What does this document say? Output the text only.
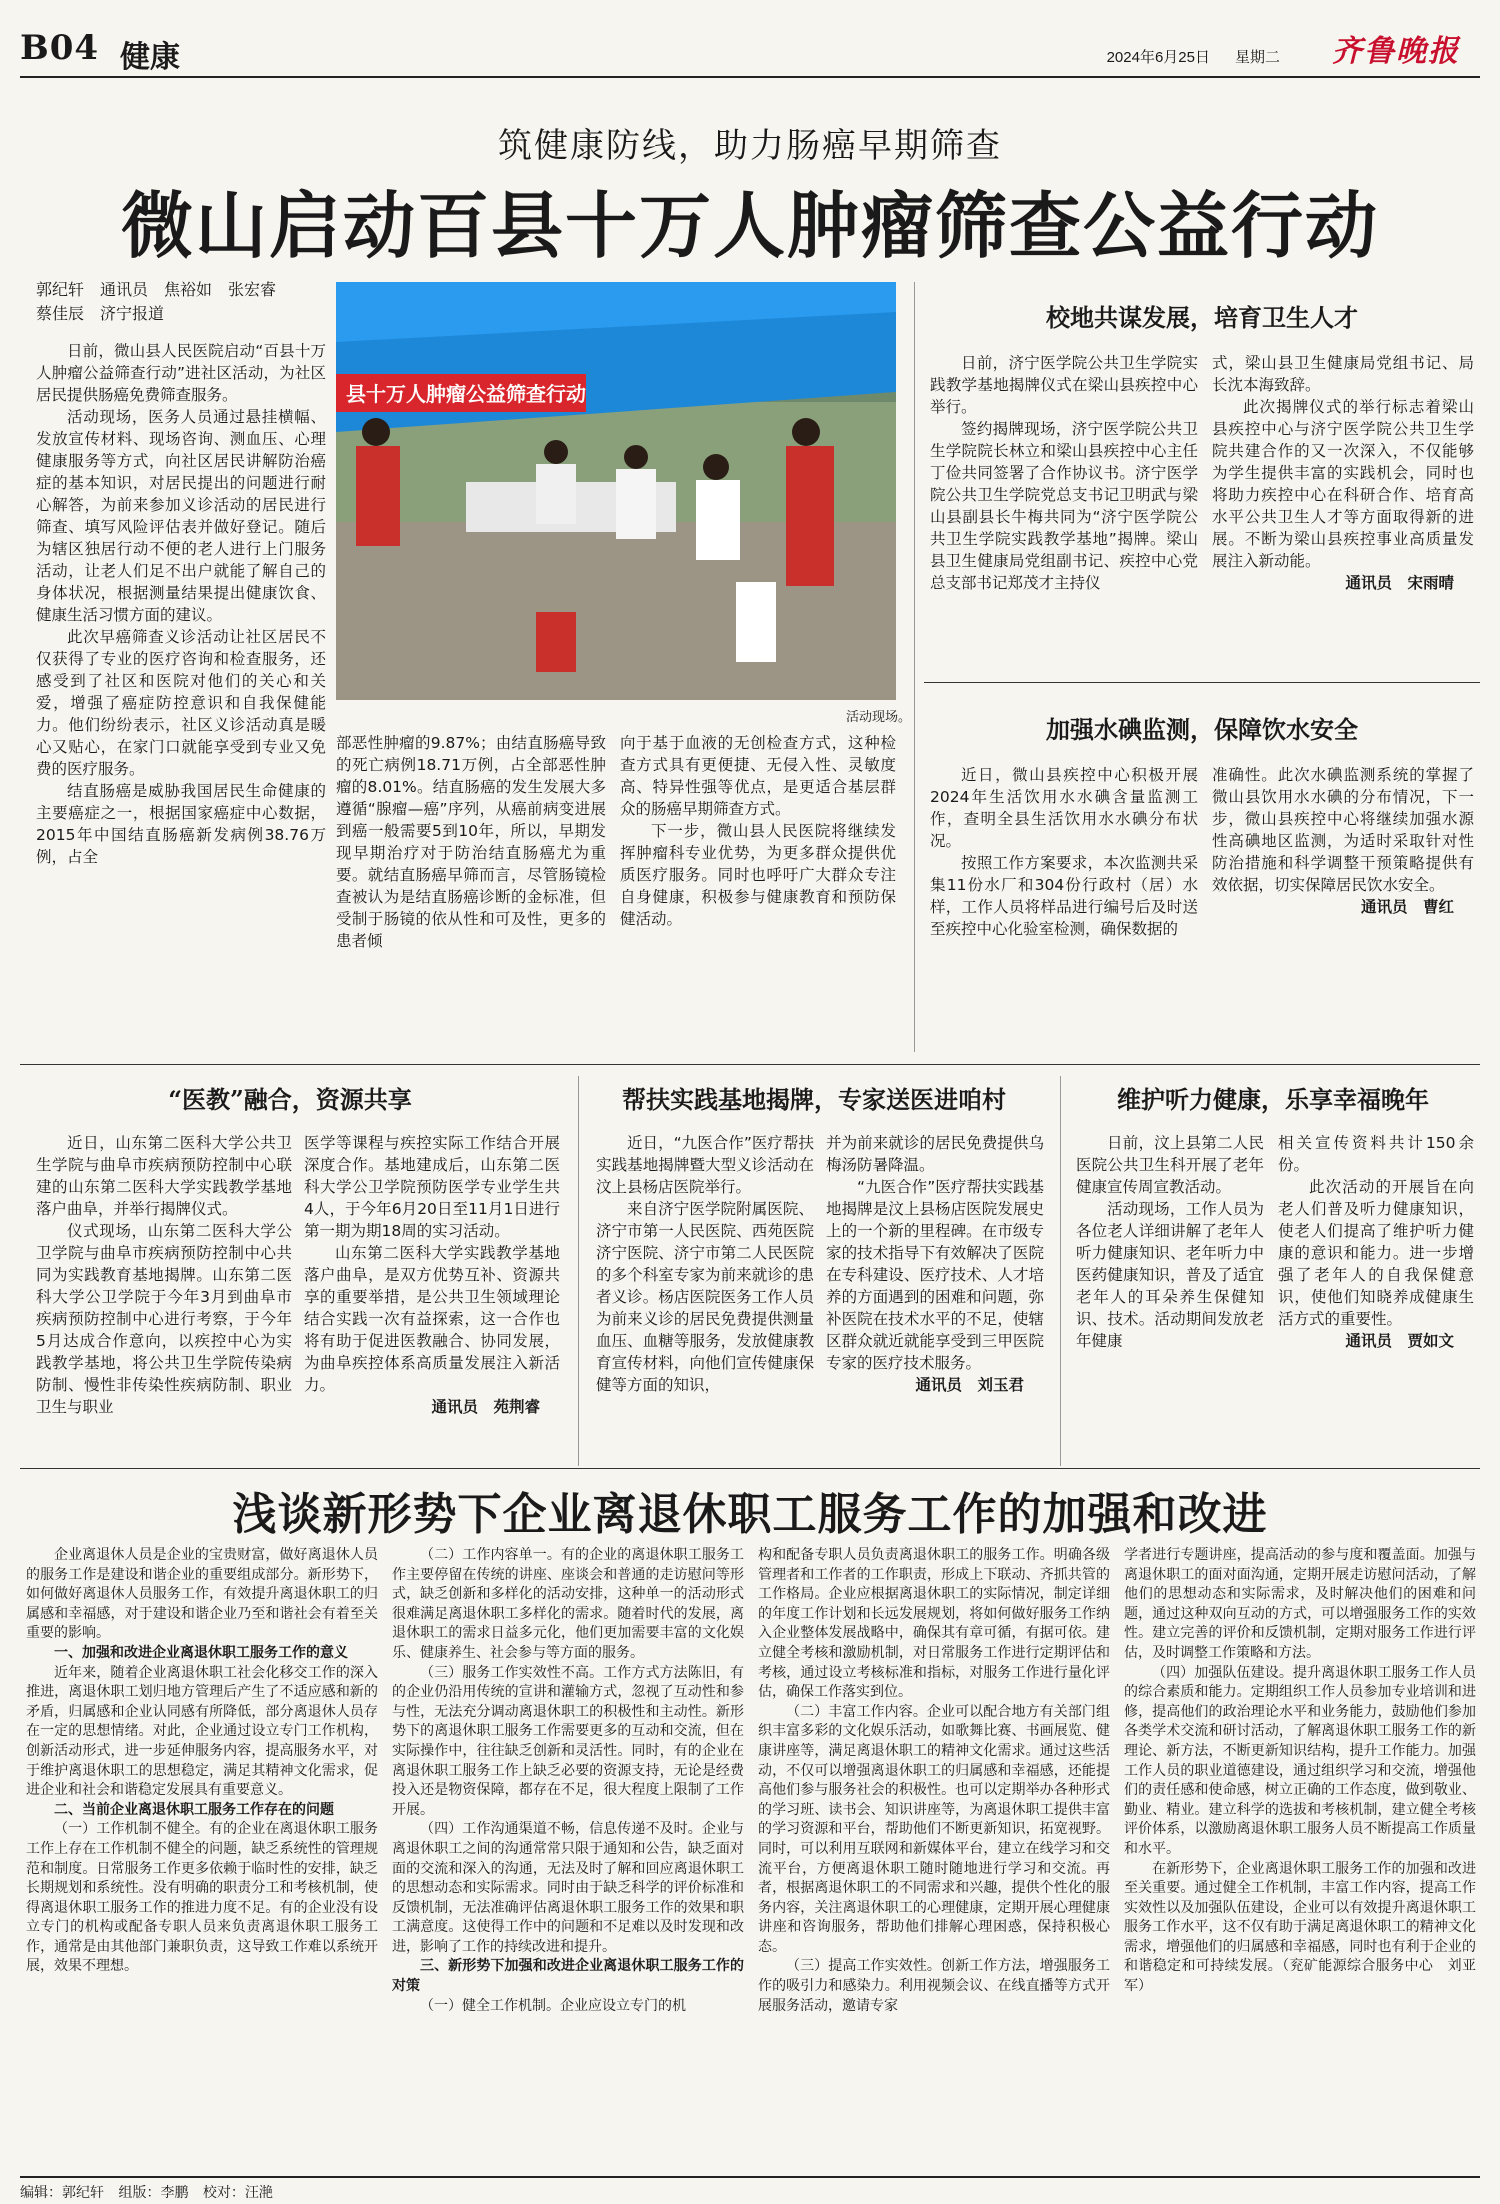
B04 健康	2024年6月25日 星期二 齐鲁晚报
筑健康防线，助力肠癌早期筛查
微山启动百县十万人肿瘤筛查公益行动
郭纪轩　通讯员　焦裕如　张宏睿
蔡佳辰　济宁报道

日前，微山县人民医院启动“百县十万人肿瘤公益筛查行动”进社区活动，为社区居民提供肠癌免费筛查服务。

活动现场，医务人员通过悬挂横幅、发放宣传材料、现场咨询、测血压、心理健康服务等方式，向社区居民讲解防治癌症的基本知识，对居民提出的问题进行耐心解答，为前来参加义诊活动的居民进行筛查、填写风险评估表并做好登记。随后为辖区独居行动不便的老人进行上门服务活动，让老人们足不出户就能了解自己的身体状况，根据测量结果提出健康饮食、健康生活习惯方面的建议。

此次早癌筛查义诊活动让社区居民不仅获得了专业的医疗咨询和检查服务，还感受到了社区和医院对他们的关心和关爱，增强了癌症防控意识和自我保健能力。他们纷纷表示，社区义诊活动真是暖心又贴心，在家门口就能享受到专业又免费的医疗服务。

结直肠癌是威胁我国居民生命健康的主要癌症之一，根据国家癌症中心数据，2015年中国结直肠癌新发病例38.76万例，占全

县十万人肿瘤公益筛查行动
活动现场。

部恶性肿瘤的9.87%；由结直肠癌导致的死亡病例18.71万例，占全部恶性肿瘤的8.01%。结直肠癌的发生发展大多遵循“腺瘤—癌”序列，从癌前病变进展到癌一般需要5到10年，所以，早期发现早期治疗对于防治结直肠癌尤为重要。就结直肠癌早筛而言，尽管肠镜检查被认为是结直肠癌诊断的金标准，但受制于肠镜的依从性和可及性，更多的患者倾

向于基于血液的无创检查方式，这种检查方式具有更便捷、无侵入性、灵敏度高、特异性强等优点，是更适合基层群众的肠癌早期筛查方式。

下一步，微山县人民医院将继续发挥肿瘤科专业优势，为更多群众提供优质医疗服务。同时也呼吁广大群众专注自身健康，积极参与健康教育和预防保健活动。

校地共谋发展，培育卫生人才

日前，济宁医学院公共卫生学院实践教学基地揭牌仪式在梁山县疾控中心举行。

签约揭牌现场，济宁医学院公共卫生学院院长林立和梁山县疾控中心主任丁俭共同签署了合作协议书。济宁医学院公共卫生学院党总支书记卫明武与梁山县副县长牛梅共同为“济宁医学院公共卫生学院实践教学基地”揭牌。梁山县卫生健康局党组副书记、疾控中心党总支部书记郑茂才主持仪

式，梁山县卫生健康局党组书记、局长沈本海致辞。

此次揭牌仪式的举行标志着梁山县疾控中心与济宁医学院公共卫生学院共建合作的又一次深入，不仅能够为学生提供丰富的实践机会，同时也将助力疾控中心在科研合作、培育高水平公共卫生人才等方面取得新的进展。不断为梁山县疾控事业高质量发展注入新动能。

通讯员　宋雨晴

加强水碘监测，保障饮水安全

近日，微山县疾控中心积极开展2024年生活饮用水水碘含量监测工作，查明全县生活饮用水水碘分布状况。

按照工作方案要求，本次监测共采集11份水厂和304份行政村（居）水样，工作人员将样品进行编号后及时送至疾控中心化验室检测，确保数据的

准确性。此次水碘监测系统的掌握了微山县饮用水水碘的分布情况，下一步，微山县疾控中心将继续加强水源性高碘地区监测，为适时采取针对性防治措施和科学调整干预策略提供有效依据，切实保障居民饮水安全。

通讯员　曹红

“医教”融合，资源共享

近日，山东第二医科大学公共卫生学院与曲阜市疾病预防控制中心联建的山东第二医科大学实践教学基地落户曲阜，并举行揭牌仪式。

仪式现场，山东第二医科大学公卫学院与曲阜市疾病预防控制中心共同为实践教育基地揭牌。山东第二医科大学公卫学院于今年3月到曲阜市疾病预防控制中心进行考察，于今年5月达成合作意向，以疾控中心为实践教学基地，将公共卫生学院传染病防制、慢性非传染性疾病防制、职业卫生与职业

医学等课程与疾控实际工作结合开展深度合作。基地建成后，山东第二医科大学公卫学院预防医学专业学生共4人，于今年6月20日至11月1日进行第一期为期18周的实习活动。

山东第二医科大学实践教学基地落户曲阜，是双方优势互补、资源共享的重要举措，是公共卫生领域理论结合实践一次有益探索，这一合作也将有助于促进医教融合、协同发展，为曲阜疾控体系高质量发展注入新活力。

通讯员　苑荆睿

帮扶实践基地揭牌，专家送医进咱村

近日，“九医合作”医疗帮扶实践基地揭牌暨大型义诊活动在汶上县杨店医院举行。

来自济宁医学院附属医院、济宁市第一人民医院、西苑医院济宁医院、济宁市第二人民医院的多个科室专家为前来就诊的患者义诊。杨店医院医务工作人员为前来义诊的居民免费提供测量血压、血糖等服务，发放健康教育宣传材料，向他们宣传健康保健等方面的知识，

并为前来就诊的居民免费提供乌梅汤防暑降温。

“九医合作”医疗帮扶实践基地揭牌是汶上县杨店医院发展史上的一个新的里程碑。在市级专家的技术指导下有效解决了医院在专科建设、医疗技术、人才培养的方面遇到的困难和问题，弥补医院在技术水平的不足，使辖区群众就近就能享受到三甲医院专家的医疗技术服务。

通讯员　刘玉君

维护听力健康，乐享幸福晚年

日前，汶上县第二人民医院公共卫生科开展了老年健康宣传周宣教活动。

活动现场，工作人员为各位老人详细讲解了老年人听力健康知识、老年听力中医药健康知识，普及了适宜老年人的耳朵养生保健知识、技术。活动期间发放老年健康

相关宣传资料共计150余份。

此次活动的开展旨在向老人们普及听力健康知识，使老人们提高了维护听力健康的意识和能力。进一步增强了老年人的自我保健意识，使他们知晓养成健康生活方式的重要性。

通讯员　贾如文

浅谈新形势下企业离退休职工服务工作的加强和改进

企业离退休人员是企业的宝贵财富，做好离退休人员的服务工作是建设和谐企业的重要组成部分。新形势下，如何做好离退休人员服务工作，有效提升离退休职工的归属感和幸福感，对于建设和谐企业乃至和谐社会有着至关重要的影响。

一、加强和改进企业离退休职工服务工作的意义

近年来，随着企业离退休职工社会化移交工作的深入推进，离退休职工划归地方管理后产生了不适应感和新的矛盾，归属感和企业认同感有所降低，部分离退休人员存在一定的思想情绪。对此，企业通过设立专门工作机构，创新活动形式，进一步延伸服务内容，提高服务水平，对于维护离退休职工的思想稳定，满足其精神文化需求，促进企业和社会和谐稳定发展具有重要意义。

二、当前企业离退休职工服务工作存在的问题

（一）工作机制不健全。有的企业在离退休职工服务工作上存在工作机制不健全的问题，缺乏系统性的管理规范和制度。日常服务工作更多依赖于临时性的安排，缺乏长期规划和系统性。没有明确的职责分工和考核机制，使得离退休职工服务工作的推进力度不足。有的企业没有设立专门的机构或配备专职人员来负责离退休职工服务工作，通常是由其他部门兼职负责，这导致工作难以系统开展，效果不理想。

（二）工作内容单一。有的企业的离退休职工服务工作主要停留在传统的讲座、座谈会和普通的走访慰问等形式，缺乏创新和多样化的活动安排，这种单一的活动形式很难满足离退休职工多样化的需求。随着时代的发展，离退休职工的需求日益多元化，他们更加需要丰富的文化娱乐、健康养生、社会参与等方面的服务。

（三）服务工作实效性不高。工作方式方法陈旧，有的企业仍沿用传统的宣讲和灌输方式，忽视了互动性和参与性，无法充分调动离退休职工的积极性和主动性。新形势下的离退休职工服务工作需要更多的互动和交流，但在实际操作中，往往缺乏创新和灵活性。同时，有的企业在离退休职工服务工作上缺乏必要的资源支持，无论是经费投入还是物资保障，都存在不足，很大程度上限制了工作开展。

（四）工作沟通渠道不畅，信息传递不及时。企业与离退休职工之间的沟通常常只限于通知和公告，缺乏面对面的交流和深入的沟通，无法及时了解和回应离退休职工的思想动态和实际需求。同时由于缺乏科学的评价标准和反馈机制，无法准确评估离退休职工服务工作的效果和职工满意度。这使得工作中的问题和不足难以及时发现和改进，影响了工作的持续改进和提升。

三、新形势下加强和改进企业离退休职工服务工作的对策

（一）健全工作机制。企业应设立专门的机

构和配备专职人员负责离退休职工的服务工作。明确各级管理者和工作者的工作职责，形成上下联动、齐抓共管的工作格局。企业应根据离退休职工的实际情况，制定详细的年度工作计划和长远发展规划，将如何做好服务工作纳入企业整体发展战略中，确保其有章可循，有据可依。建立健全考核和激励机制，对日常服务工作进行定期评估和考核，通过设立考核标准和指标，对服务工作进行量化评估，确保工作落实到位。

（二）丰富工作内容。企业可以配合地方有关部门组织丰富多彩的文化娱乐活动，如歌舞比赛、书画展览、健康讲座等，满足离退休职工的精神文化需求。通过这些活动，不仅可以增强离退休职工的归属感和幸福感，还能提高他们参与服务社会的积极性。也可以定期举办各种形式的学习班、读书会、知识讲座等，为离退休职工提供丰富的学习资源和平台，帮助他们不断更新知识，拓宽视野。同时，可以利用互联网和新媒体平台，建立在线学习和交流平台，方便离退休职工随时随地进行学习和交流。再者，根据离退休职工的不同需求和兴趣，提供个性化的服务内容，关注离退休职工的心理健康，定期开展心理健康讲座和咨询服务，帮助他们排解心理困惑，保持积极心态。

（三）提高工作实效性。创新工作方法，增强服务工作的吸引力和感染力。利用视频会议、在线直播等方式开展服务活动，邀请专家

学者进行专题讲座，提高活动的参与度和覆盖面。加强与离退休职工的面对面沟通，定期开展走访慰问活动，了解他们的思想动态和实际需求，及时解决他们的困难和问题，通过这种双向互动的方式，可以增强服务工作的实效性。建立完善的评价和反馈机制，定期对服务工作进行评估，及时调整工作策略和方法。

（四）加强队伍建设。提升离退休职工服务工作人员的综合素质和能力。定期组织工作人员参加专业培训和进修，提高他们的政治理论水平和业务能力，鼓励他们参加各类学术交流和研讨活动，了解离退休职工服务工作的新理论、新方法，不断更新知识结构，提升工作能力。加强工作人员的职业道德建设，通过组织学习和交流，增强他们的责任感和使命感，树立正确的工作态度，做到敬业、勤业、精业。建立科学的选拔和考核机制，建立健全考核评价体系，以激励离退休职工服务人员不断提高工作质量和水平。

在新形势下，企业离退休职工服务工作的加强和改进至关重要。通过健全工作机制，丰富工作内容，提高工作实效性以及加强队伍建设，企业可以有效提升离退休职工服务工作水平，这不仅有助于满足离退休职工的精神文化需求，增强他们的归属感和幸福感，同时也有利于企业的和谐稳定和可持续发展。（兖矿能源综合服务中心　刘亚军）

编辑：郭纪轩 组版：李鹏 校对：汪滟
